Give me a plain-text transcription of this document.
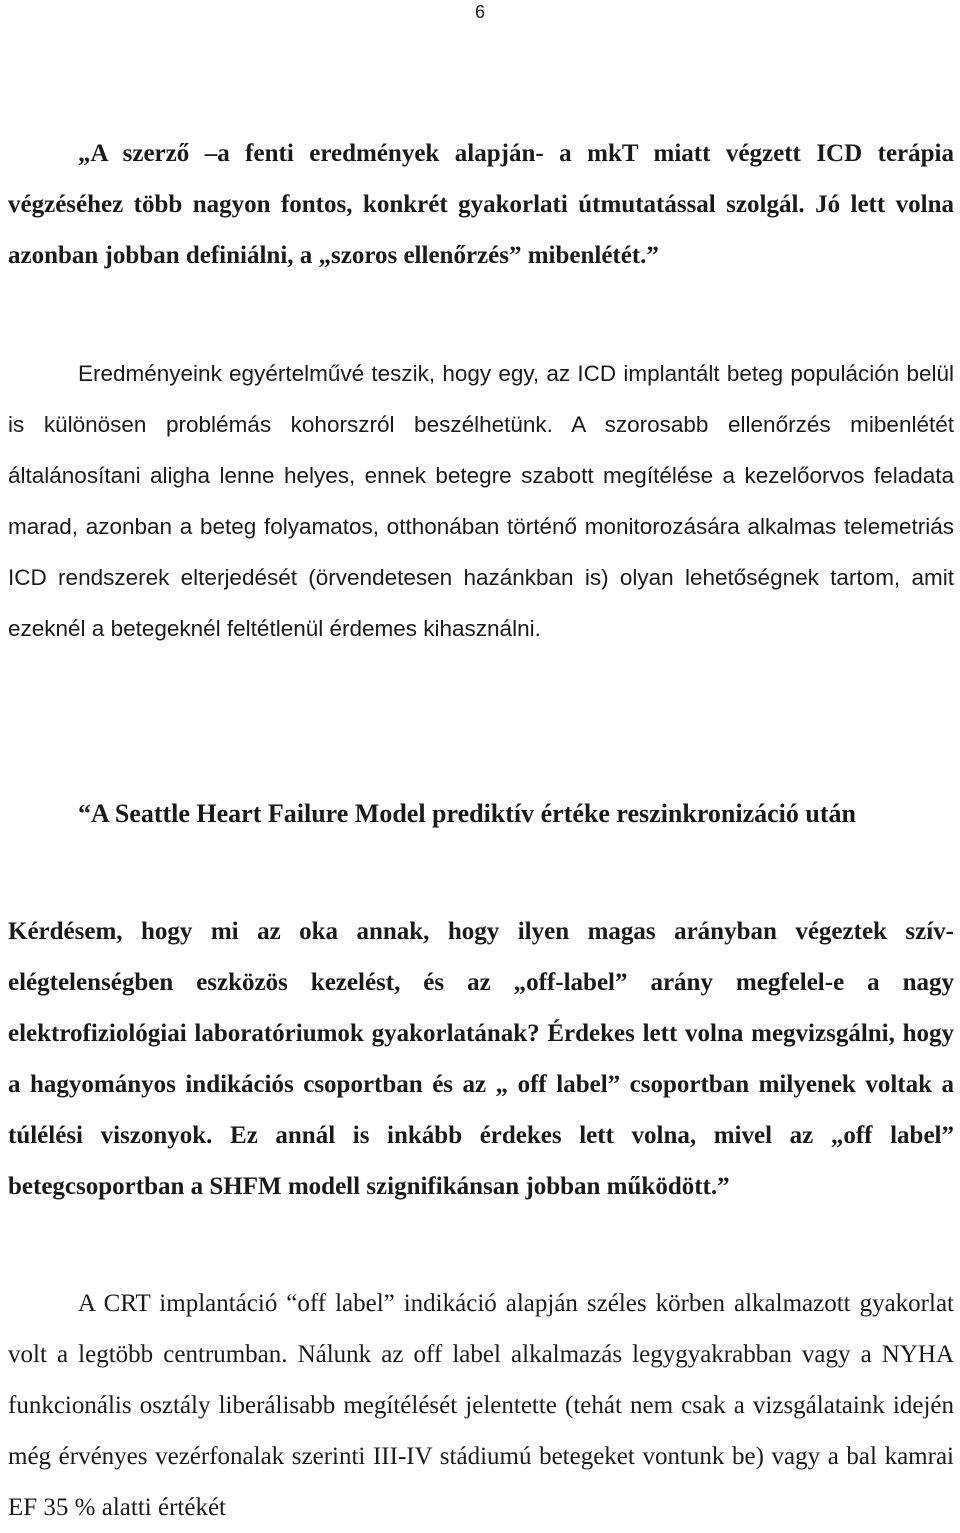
6

„A szerző –a fenti eredmények alapján- a mkT miatt végzett ICD terápia végzéséhez több nagyon fontos, konkrét gyakorlati útmutatással szolgál. Jó lett volna azonban jobban definiálni, a „szoros ellenőrzés” mibenlétét.”

Eredményeink egyértelművé teszik, hogy egy, az ICD implantált beteg populáción belül is különösen problémás kohorszról beszélhetünk. A szorosabb ellenőrzés mibenlétét általánosítani aligha lenne helyes, ennek betegre szabott megítélése a kezelőorvos feladata marad, azonban a beteg folyamatos, otthonában történő monitorozására alkalmas telemetriás ICD rendszerek elterjedését (örvendetesen hazánkban is) olyan lehetőségnek tartom, amit ezeknél a betegeknél feltétlenül érdemes kihasználni.

“A Seattle Heart Failure Model prediktív értéke reszinkronizáció után

Kérdésem, hogy mi az oka annak, hogy ilyen magas arányban végeztek szívelégtelenségben eszközös kezelést, és az „off-label” arány megfelel-e a nagy elektrofiziológiai laboratóriumok gyakorlatának? Érdekes lett volna megvizsgálni, hogy a hagyományos indikációs csoportban és az „ off label” csoportban milyenek voltak a túlélési viszonyok. Ez annál is inkább érdekes lett volna, mivel az „off label” betegcsoportban a SHFM modell szignifikánsan jobban működött.”

A CRT implantáció “off label” indikáció alapján széles körben alkalmazott gyakorlat volt a legtöbb centrumban. Nálunk az off label alkalmazás legygyakrabban vagy a NYHA funkcionális osztály liberálisabb megítélését jelentette (tehát nem csak a vizsgálataink idején még érvényes vezérfonalak szerinti III-IV stádiumú betegeket vontunk be) vagy a bal kamrai EF 35 % alatti értékét
